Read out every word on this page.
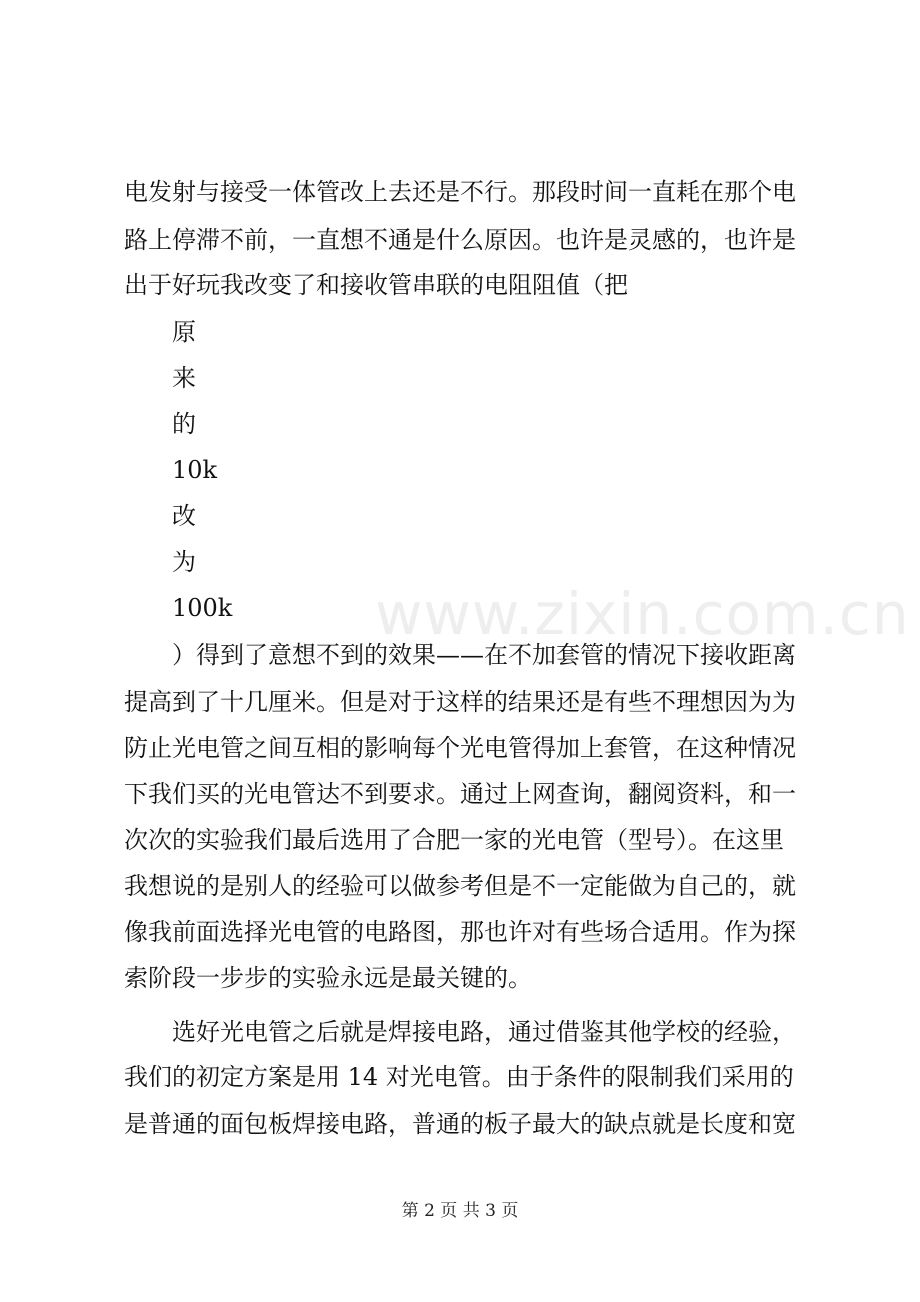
www.zixin.com.cn
电发射与接受一体管改上去还是不行。那段时间一直耗在那个电
路上停滞不前，一直想不通是什么原因。也许是灵感的，也许是
出于好玩我改变了和接收管串联的电阻阻值（把
原
来
的
10k
改
为
100k
）得到了意想不到的效果——在不加套管的情况下接收距离
提高到了十几厘米。但是对于这样的结果还是有些不理想因为为
防止光电管之间互相的影响每个光电管得加上套管，在这种情况
下我们买的光电管达不到要求。通过上网查询，翻阅资料，和一
次次的实验我们最后选用了合肥一家的光电管（型号）。在这里
我想说的是别人的经验可以做参考但是不一定能做为自己的，就
像我前面选择光电管的电路图，那也许对有些场合适用。作为探
索阶段一步步的实验永远是最关键的。
选好光电管之后就是焊接电路，通过借鉴其他学校的经验，
我们的初定方案是用 14 对光电管。由于条件的限制我们采用的
是普通的面包板焊接电路，普通的板子最大的缺点就是长度和宽
第 2 页 共 3 页
